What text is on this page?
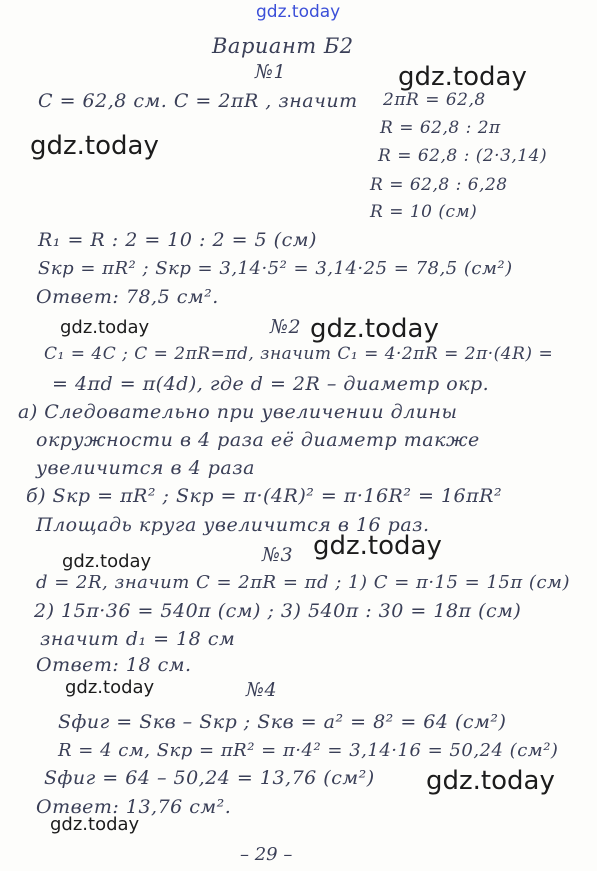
gdz.today
gdz.today
gdz.today
gdz.today	gdz.today
gdz.today
gdz.today
gdz.today
gdz.today
gdz.today
Вариант Б2
№1
C = 62,8 см. C = 2πR , значит 2πR = 62,8
R = 62,8 : 2π
R = 62,8 : (2·3,14)
R = 62,8 : 6,28
R = 10 (см)
R₁ = R : 2 = 10 : 2 = 5 (см)
Sкр = πR² ; Sкр = 3,14·5² = 3,14·25 = 78,5 (см²)
Ответ: 78,5 см².
№2
C₁ = 4C ; C = 2πR=πd, значит C₁ = 4·2πR = 2π·(4R) =
= 4πd = π(4d), где d = 2R – диаметр окр.
а) Следовательно при увеличении длины
окружности в 4 раза её диаметр также
увеличится в 4 раза
б) Sкр = πR² ; Sкр = π·(4R)² = π·16R² = 16πR²
Площадь круга увеличится в 16 раз.
№3
d = 2R, значит C = 2πR = πd ; 1) C = π·15 = 15π (см)
2) 15π·36 = 540π (см) ; 3) 540π : 30 = 18π (см)
значит d₁ = 18 см
Ответ: 18 см.
№4
Sфиг = Sкв – Sкр ; Sкв = a² = 8² = 64 (см²)
R = 4 см, Sкр = πR² = π·4² = 3,14·16 = 50,24 (см²)
Sфиг = 64 – 50,24 = 13,76 (см²)
Ответ: 13,76 см².
– 29 –
